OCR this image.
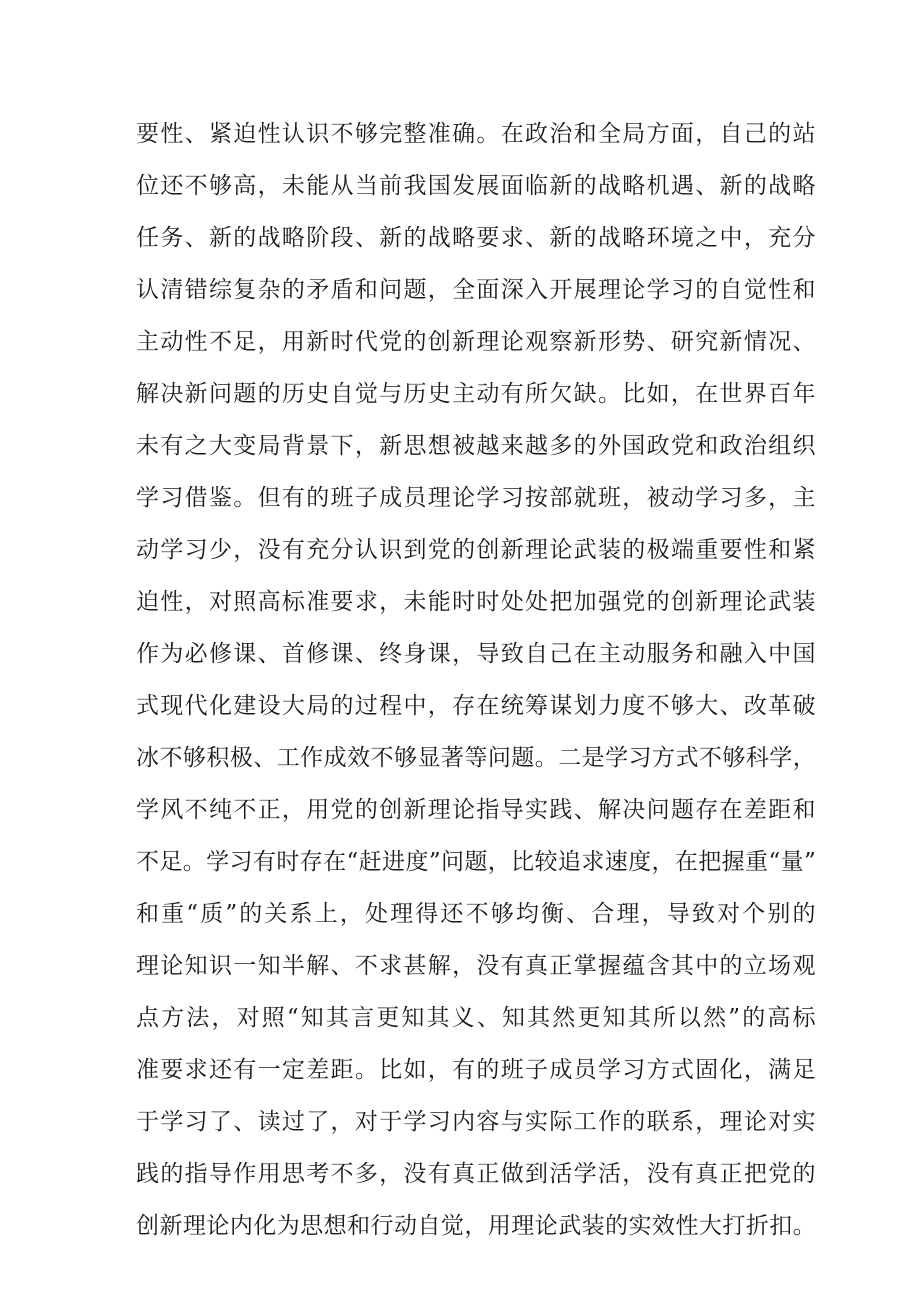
要性、紧迫性认识不够完整准确。在政治和全局方面，自己的站
位还不够高，未能从当前我国发展面临新的战略机遇、新的战略
任务、新的战略阶段、新的战略要求、新的战略环境之中，充分
认清错综复杂的矛盾和问题，全面深入开展理论学习的自觉性和
主动性不足，用新时代党的创新理论观察新形势、研究新情况、
解决新问题的历史自觉与历史主动有所欠缺。比如，在世界百年
未有之大变局背景下，新思想被越来越多的外国政党和政治组织
学习借鉴。但有的班子成员理论学习按部就班，被动学习多，主
动学习少，没有充分认识到党的创新理论武装的极端重要性和紧
迫性，对照高标准要求，未能时时处处把加强党的创新理论武装
作为必修课、首修课、终身课，导致自己在主动服务和融入中国
式现代化建设大局的过程中，存在统筹谋划力度不够大、改革破
冰不够积极、工作成效不够显著等问题。二是学习方式不够科学，
学风不纯不正，用党的创新理论指导实践、解决问题存在差距和
不足。学习有时存在“赶进度”问题，比较追求速度，在把握重“量”
和重“质”的关系上，处理得还不够均衡、合理，导致对个别的
理论知识一知半解、不求甚解，没有真正掌握蕴含其中的立场观
点方法，对照“知其言更知其义、知其然更知其所以然”的高标
准要求还有一定差距。比如，有的班子成员学习方式固化，满足
于学习了、读过了，对于学习内容与实际工作的联系，理论对实
践的指导作用思考不多，没有真正做到活学活，没有真正把党的
创新理论内化为思想和行动自觉，用理论武装的实效性大打折扣。
